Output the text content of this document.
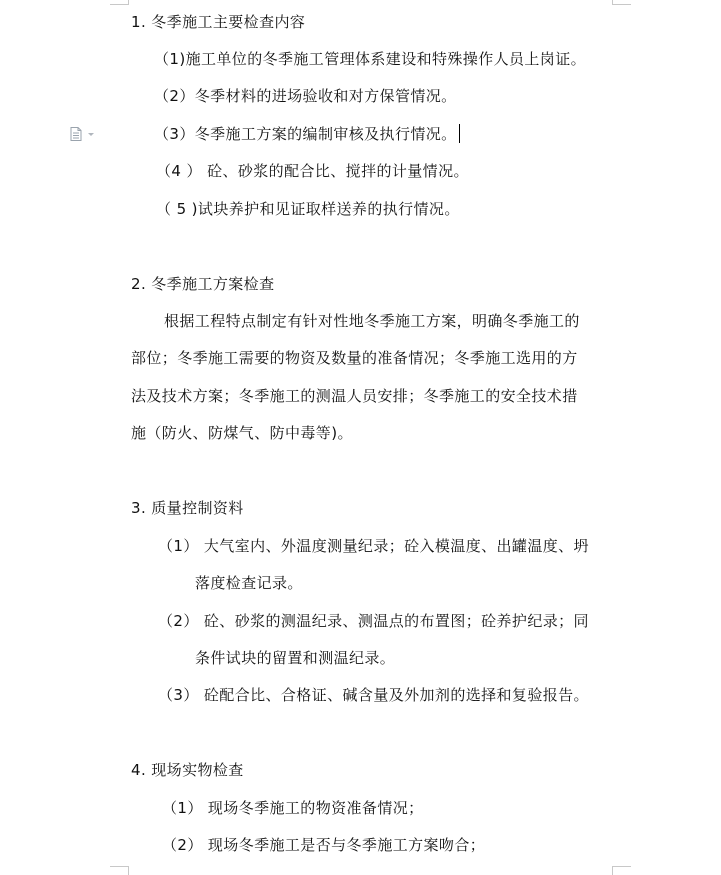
1. 冬季施工主要检查内容
（1)施工单位的冬季施工管理体系建设和特殊操作人员上岗证。
（2）冬季材料的进场验收和对方保管情况。
（3）冬季施工方案的编制审核及执行情况。
（4 ） 砼、砂浆的配合比、搅拌的计量情况。
（ 5 )试块养护和见证取样送养的执行情况。
2. 冬季施工方案检查
根据工程特点制定有针对性地冬季施工方案，明确冬季施工的
部位；冬季施工需要的物资及数量的准备情况；冬季施工选用的方
法及技术方案；冬季施工的测温人员安排；冬季施工的安全技术措
施（防火、防煤气、防中毒等)。
3. 质量控制资料
（1） 大气室内、外温度测量纪录；砼入模温度、出罐温度、坍
落度检查记录。
（2） 砼、砂浆的测温纪录、测温点的布置图；砼养护纪录；同
条件试块的留置和测温纪录。
（3） 砼配合比、合格证、碱含量及外加剂的选择和复验报告。
4. 现场实物检查
（1） 现场冬季施工的物资准备情况；
（2） 现场冬季施工是否与冬季施工方案吻合；
